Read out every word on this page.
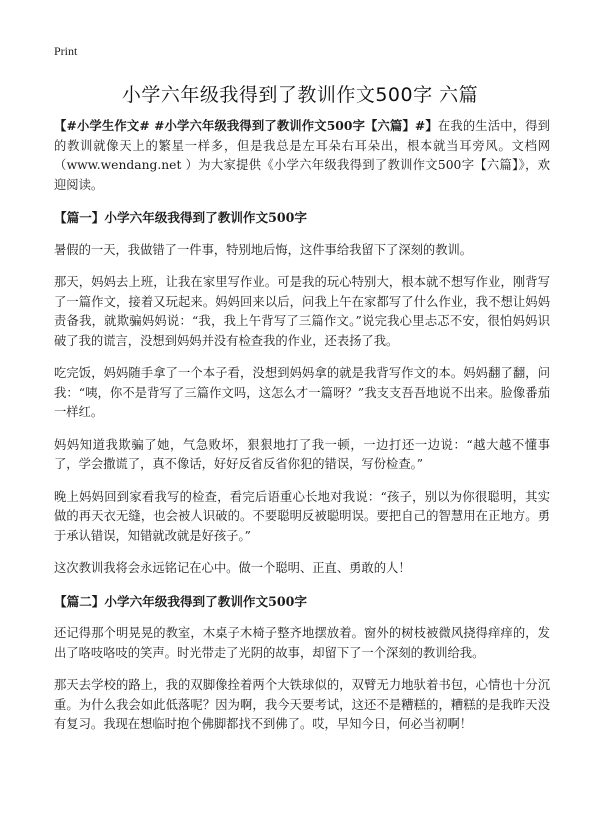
Print
小学六年级我得到了教训作文500字 六篇

【#小学生作文# #小学六年级我得到了教训作文500字【六篇】#】在我的生活中，得到的教训就像天上的繁星一样多，但是我总是左耳朵右耳朵出，根本就当耳旁风。文档网（www.wendang.net ）为大家提供《小学六年级我得到了教训作文500字【六篇】》，欢迎阅读。

【篇一】小学六年级我得到了教训作文500字

暑假的一天，我做错了一件事，特别地后悔，这件事给我留下了深刻的教训。

那天，妈妈去上班，让我在家里写作业。可是我的玩心特别大，根本就不想写作业，刚背写了一篇作文，接着又玩起来。妈妈回来以后，问我上午在家都写了什么作业，我不想让妈妈责备我，就欺骗妈妈说：“我，我上午背写了三篇作文。”说完我心里忐忑不安，很怕妈妈识破了我的谎言，没想到妈妈并没有检查我的作业，还表扬了我。

吃完饭，妈妈随手拿了一个本子看，没想到妈妈拿的就是我背写作文的本。妈妈翻了翻，问我：“咦，你不是背写了三篇作文吗，这怎么才一篇呀？”我支支吾吾地说不出来。脸像番茄一样红。

妈妈知道我欺骗了她，气急败坏，狠狠地打了我一顿，一边打还一边说：“越大越不懂事了，学会撒谎了，真不像话，好好反省反省你犯的错误，写份检查。”

晚上妈妈回到家看我写的检查，看完后语重心长地对我说：“孩子，别以为你很聪明，其实做的再天衣无缝，也会被人识破的。不要聪明反被聪明误。要把自己的智慧用在正地方。勇于承认错误，知错就改就是好孩子。”

这次教训我将会永远铭记在心中。做一个聪明、正直、勇敢的人！

【篇二】小学六年级我得到了教训作文500字

还记得那个明晃晃的教室，木桌子木椅子整齐地摆放着。窗外的树枝被微风挠得痒痒的，发出了咯吱咯吱的笑声。时光带走了光阴的故事，却留下了一个深刻的教训给我。

那天去学校的路上，我的双脚像拴着两个大铁球似的，双臂无力地驮着书包，心情也十分沉重。为什么我会如此低落呢？因为啊，我今天要考试，这还不是糟糕的，糟糕的是我昨天没有复习。我现在想临时抱个佛脚都找不到佛了。哎，早知今日，何必当初啊！
